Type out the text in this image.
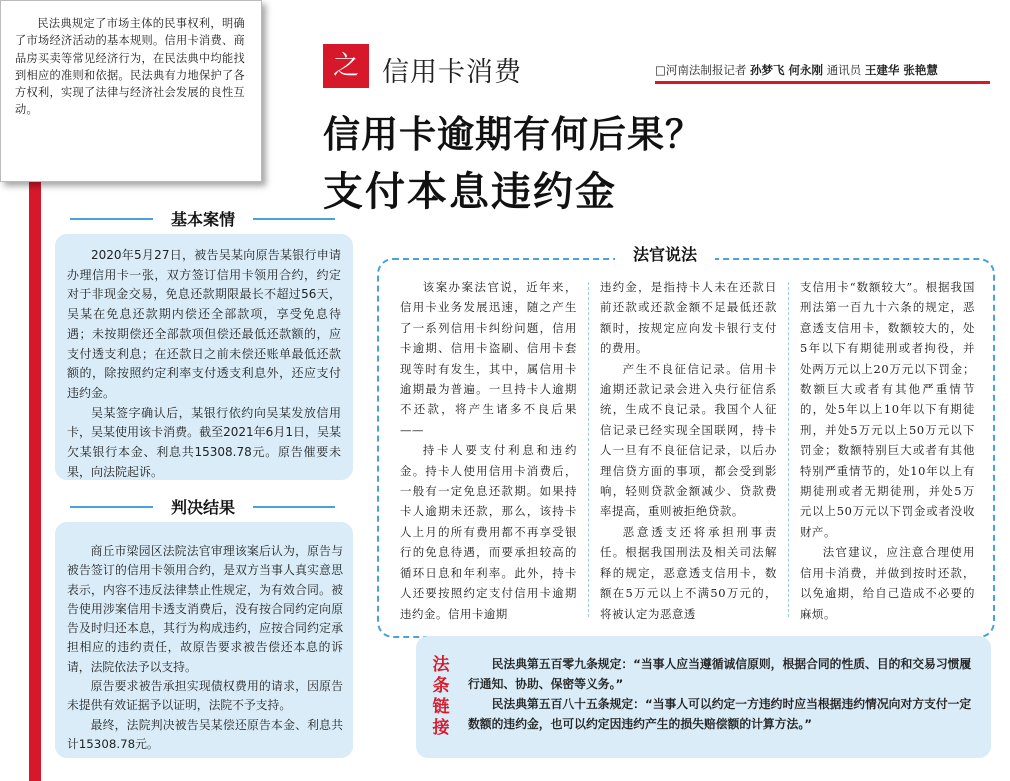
民法典规定了市场主体的民事权利，明确了市场经济活动的基本规则。信用卡消费、商品房买卖等常见经济行为，在民法典中均能找到相应的准则和依据。民法典有力地保护了各方权利，实现了法律与经济社会发展的良性互动。

之 信用卡消费	□河南法制报记者 孙梦飞 何永刚 通讯员 王建华 张艳慧
信用卡逾期有何后果？
支付本息违约金
基本案情

2020年5月27日，被告吴某向原告某银行申请办理信用卡一张，双方签订信用卡领用合约，约定对于非现金交易，免息还款期限最长不超过56天，吴某在免息还款期内偿还全部款项，享受免息待遇；未按期偿还全部款项但偿还最低还款额的，应支付透支利息；在还款日之前未偿还账单最低还款额的，除按照约定利率支付透支利息外，还应支付违约金。

吴某签字确认后，某银行依约向吴某发放信用卡，吴某使用该卡消费。截至2021年6月1日，吴某欠某银行本金、利息共15308.78元。原告催要未果，向法院起诉。

判决结果

商丘市梁园区法院法官审理该案后认为，原告与被告签订的信用卡领用合约，是双方当事人真实意思表示，内容不违反法律禁止性规定，为有效合同。被告使用涉案信用卡透支消费后，没有按合同约定向原告及时归还本息，其行为构成违约，应按合同约定承担相应的违约责任，故原告要求被告偿还本息的诉请，法院依法予以支持。

原告要求被告承担实现债权费用的请求，因原告未提供有效证据予以证明，法院不予支持。

最终，法院判决被告吴某偿还原告本金、利息共计15308.78元。

法官说法

该案办案法官说，近年来，信用卡业务发展迅速，随之产生了一系列信用卡纠纷问题，信用卡逾期、信用卡盗刷、信用卡套现等时有发生，其中，属信用卡逾期最为普遍。一旦持卡人逾期不还款，将产生诸多不良后果——

持卡人要支付利息和违约金。持卡人使用信用卡消费后，一般有一定免息还款期。如果持卡人逾期未还款，那么，该持卡人上月的所有费用都不再享受银行的免息待遇，而要承担较高的循环日息和年利率。此外，持卡人还要按照约定支付信用卡逾期违约金。信用卡逾期

违约金，是指持卡人未在还款日前还款或还款金额不足最低还款额时，按规定应向发卡银行支付的费用。

产生不良征信记录。信用卡逾期还款记录会进入央行征信系统，生成不良记录。我国个人征信记录已经实现全国联网，持卡人一旦有不良征信记录，以后办理信贷方面的事项，都会受到影响，轻则贷款金额减少、贷款费率提高，重则被拒绝贷款。

恶意透支还将承担刑事责任。根据我国刑法及相关司法解释的规定，恶意透支信用卡，数额在5万元以上不满50万元的，将被认定为恶意透

支信用卡“数额较大”。根据我国刑法第一百九十六条的规定，恶意透支信用卡，数额较大的，处5年以下有期徒刑或者拘役，并处两万元以上20万元以下罚金；数额巨大或者有其他严重情节的，处5年以上10年以下有期徒刑，并处5万元以上50万元以下罚金；数额特别巨大或者有其他特别严重情节的，处10年以上有期徒刑或者无期徒刑，并处5万元以上50万元以下罚金或者没收财产。

法官建议，应注意合理使用信用卡消费，并做到按时还款，以免逾期，给自己造成不必要的麻烦。

法条链接

民法典第五百零九条规定：“当事人应当遵循诚信原则，根据合同的性质、目的和交易习惯履行通知、协助、保密等义务。”

民法典第五百八十五条规定：“当事人可以约定一方违约时应当根据违约情况向对方支付一定数额的违约金，也可以约定因违约产生的损失赔偿额的计算方法。”
